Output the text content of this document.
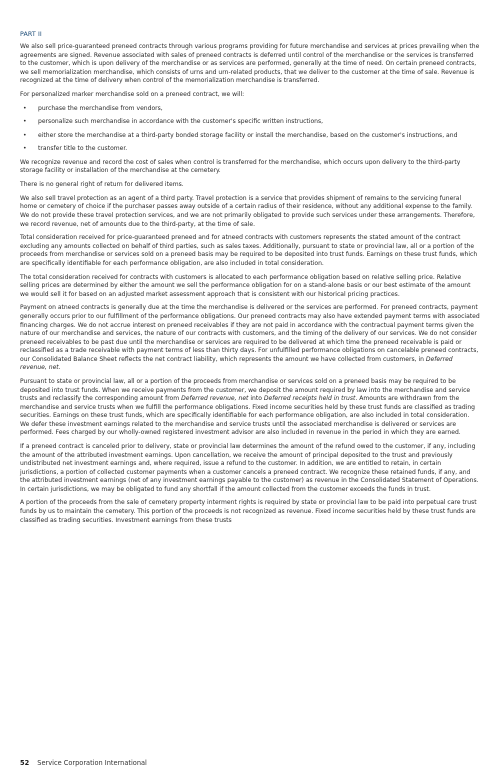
PART II

We also sell price-guaranteed preneed contracts through various programs providing for future merchandise and services at prices prevailing when the agreements are signed. Revenue associated with sales of preneed contracts is deferred until control of the merchandise or the services is transferred to the customer, which is upon delivery of the merchandise or as services are performed, generally at the time of need. On certain preneed contracts, we sell memorialization merchandise, which consists of urns and urn-related products, that we deliver to the customer at the time of sale. Revenue is recognized at the time of delivery when control of the memorialization merchandise is transferred.

For personalized marker merchandise sold on a preneed contract, we will:

• purchase the merchandise from vendors,
• personalize such merchandise in accordance with the customer's specific written instructions,
• either store the merchandise at a third-party bonded storage facility or install the merchandise, based on the customer's instructions, and
• transfer title to the customer.

We recognize revenue and record the cost of sales when control is transferred for the merchandise, which occurs upon delivery to the third-party storage facility or installation of the merchandise at the cemetery.

There is no general right of return for delivered items.

We also sell travel protection as an agent of a third party. Travel protection is a service that provides shipment of remains to the servicing funeral home or cemetery of choice if the purchaser passes away outside of a certain radius of their residence, without any additional expense to the family. We do not provide these travel protection services, and we are not primarily obligated to provide such services under these arrangements. Therefore, we record revenue, net of amounts due to the third-party, at the time of sale.

Total consideration received for price-guaranteed preneed and for atneed contracts with customers represents the stated amount of the contract excluding any amounts collected on behalf of third parties, such as sales taxes. Additionally, pursuant to state or provincial law, all or a portion of the proceeds from merchandise or services sold on a preneed basis may be required to be deposited into trust funds. Earnings on these trust funds, which are specifically identifiable for each performance obligation, are also included in total consideration.

The total consideration received for contracts with customers is allocated to each performance obligation based on relative selling price. Relative selling prices are determined by either the amount we sell the performance obligation for on a stand-alone basis or our best estimate of the amount we would sell it for based on an adjusted market assessment approach that is consistent with our historical pricing practices.

Payment on atneed contracts is generally due at the time the merchandise is delivered or the services are performed. For preneed contracts, payment generally occurs prior to our fulfillment of the performance obligations. Our preneed contracts may also have extended payment terms with associated financing charges. We do not accrue interest on preneed receivables if they are not paid in accordance with the contractual payment terms given the nature of our merchandise and services, the nature of our contracts with customers, and the timing of the delivery of our services. We do not consider preneed receivables to be past due until the merchandise or services are required to be delivered at which time the preneed receivable is paid or reclassified as a trade receivable with payment terms of less than thirty days. For unfulfilled performance obligations on cancelable preneed contracts, our Consolidated Balance Sheet reflects the net contract liability, which represents the amount we have collected from customers, in Deferred revenue, net.

Pursuant to state or provincial law, all or a portion of the proceeds from merchandise or services sold on a preneed basis may be required to be deposited into trust funds. When we receive payments from the customer, we deposit the amount required by law into the merchandise and service trusts and reclassify the corresponding amount from Deferred revenue, net into Deferred receipts held in trust. Amounts are withdrawn from the merchandise and service trusts when we fulfill the performance obligations. Fixed income securities held by these trust funds are classified as trading securities. Earnings on these trust funds, which are specifically identifiable for each performance obligation, are also included in total consideration. We defer these investment earnings related to the merchandise and service trusts until the associated merchandise is delivered or services are performed. Fees charged by our wholly-owned registered investment advisor are also included in revenue in the period in which they are earned.

If a preneed contract is canceled prior to delivery, state or provincial law determines the amount of the refund owed to the customer, if any, including the amount of the attributed investment earnings. Upon cancellation, we receive the amount of principal deposited to the trust and previously undistributed net investment earnings and, where required, issue a refund to the customer. In addition, we are entitled to retain, in certain jurisdictions, a portion of collected customer payments when a customer cancels a preneed contract. We recognize these retained funds, if any, and the attributed investment earnings (net of any investment earnings payable to the customer) as revenue in the Consolidated Statement of Operations. In certain jurisdictions, we may be obligated to fund any shortfall if the amount collected from the customer exceeds the funds in trust.

A portion of the proceeds from the sale of cemetery property interment rights is required by state or provincial law to be paid into perpetual care trust funds by us to maintain the cemetery. This portion of the proceeds is not recognized as revenue. Fixed income securities held by these trust funds are classified as trading securities. Investment earnings from these trusts

52 Service Corporation International
